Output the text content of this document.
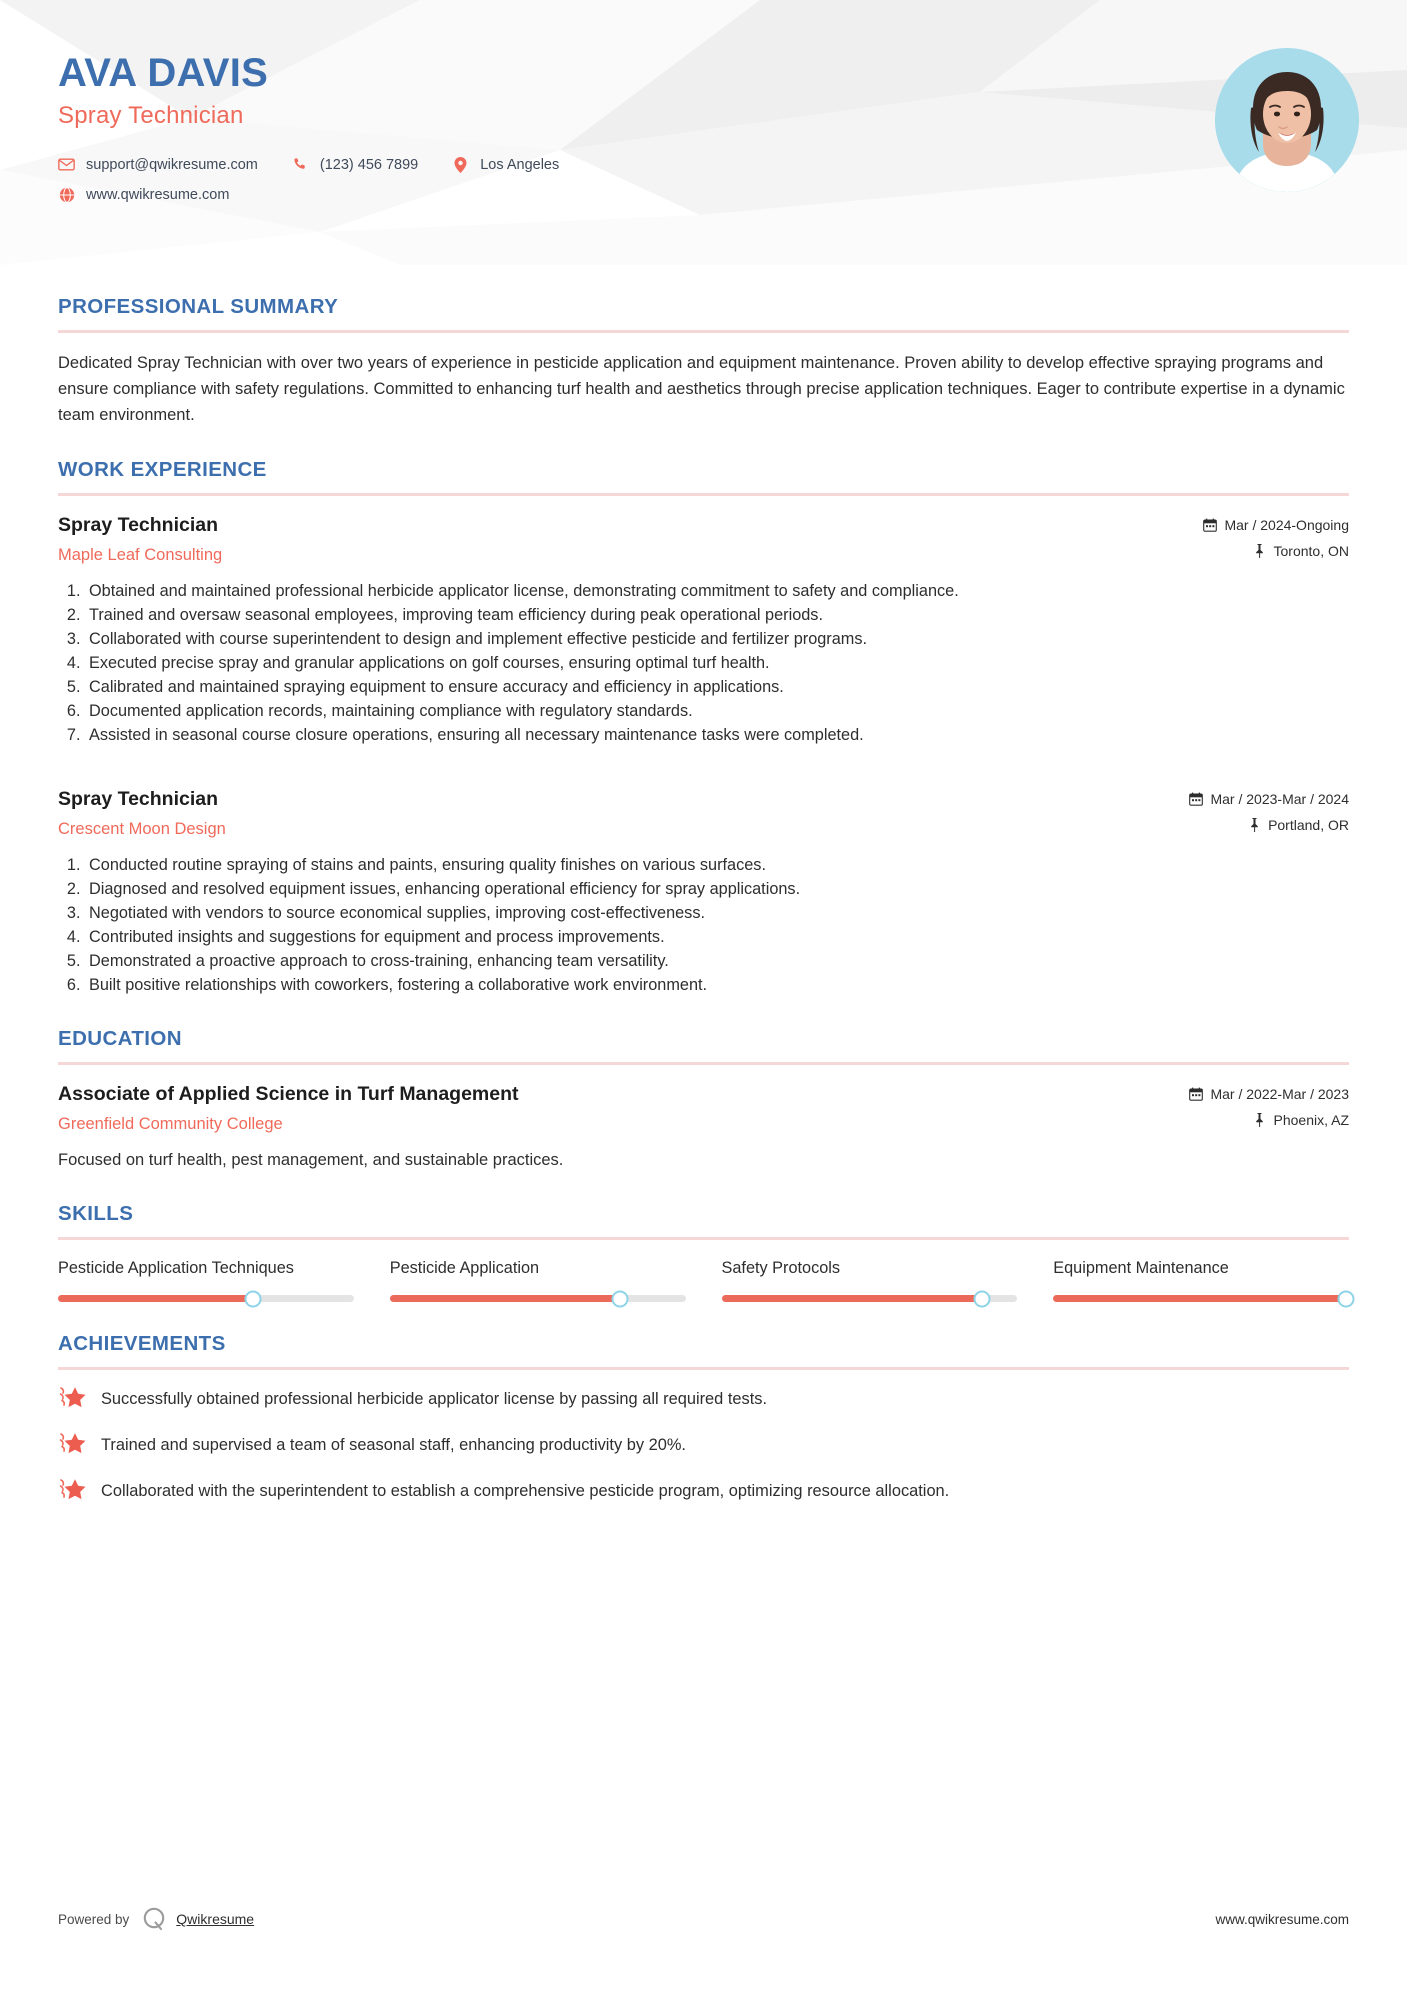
AVA DAVIS
Spray Technician
support@qwikresume.com	(123) 456 7899	Los Angeles
www.qwikresume.com
PROFESSIONAL SUMMARY
Dedicated Spray Technician with over two years of experience in pesticide application and equipment maintenance. Proven ability to develop effective spraying programs and ensure compliance with safety regulations. Committed to enhancing turf health and aesthetics through precise application techniques. Eager to contribute expertise in a dynamic team environment.
WORK EXPERIENCE
Spray Technician
Maple Leaf Consulting
Mar / 2024-Ongoing
Toronto, ON
1. Obtained and maintained professional herbicide applicator license, demonstrating commitment to safety and compliance.
2. Trained and oversaw seasonal employees, improving team efficiency during peak operational periods.
3. Collaborated with course superintendent to design and implement effective pesticide and fertilizer programs.
4. Executed precise spray and granular applications on golf courses, ensuring optimal turf health.
5. Calibrated and maintained spraying equipment to ensure accuracy and efficiency in applications.
6. Documented application records, maintaining compliance with regulatory standards.
7. Assisted in seasonal course closure operations, ensuring all necessary maintenance tasks were completed.
Spray Technician
Crescent Moon Design
Mar / 2023-Mar / 2024
Portland, OR
1. Conducted routine spraying of stains and paints, ensuring quality finishes on various surfaces.
2. Diagnosed and resolved equipment issues, enhancing operational efficiency for spray applications.
3. Negotiated with vendors to source economical supplies, improving cost-effectiveness.
4. Contributed insights and suggestions for equipment and process improvements.
5. Demonstrated a proactive approach to cross-training, enhancing team versatility.
6. Built positive relationships with coworkers, fostering a collaborative work environment.
EDUCATION
Associate of Applied Science in Turf Management
Greenfield Community College
Mar / 2022-Mar / 2023
Phoenix, AZ
Focused on turf health, pest management, and sustainable practices.
SKILLS
Pesticide Application Techniques	Pesticide Application	Safety Protocols	Equipment Maintenance
ACHIEVEMENTS
Successfully obtained professional herbicide applicator license by passing all required tests.
Trained and supervised a team of seasonal staff, enhancing productivity by 20%.
Collaborated with the superintendent to establish a comprehensive pesticide program, optimizing resource allocation.
Powered by	Qwikresume	www.qwikresume.com
